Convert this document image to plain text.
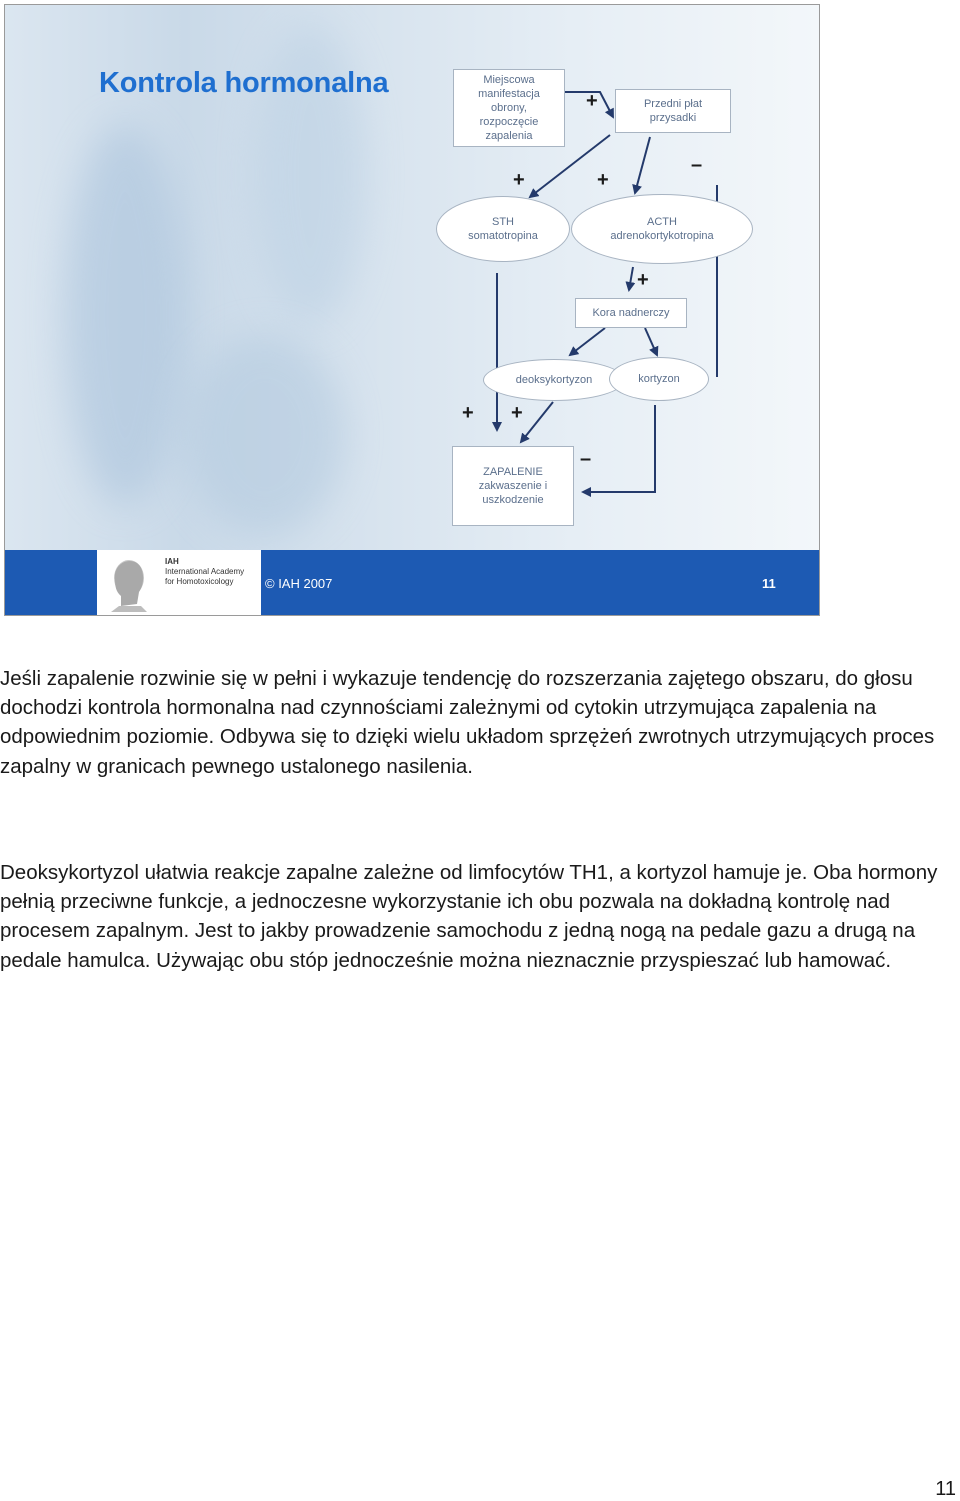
Kontrola hormonalna	Miejscowa
manifestacja
obrony,
rozpoczęcie
zapalenia
Przedni płat
przysadki
STH
somatotropina
ACTH
adrenokortykotropina
Kora nadnerczy
deoksykortyzon	kortyzon
ZAPALENIE
zakwaszenie i
uszkodzenie
+
+	+
–
+
+ +
–
IAH
International Academy
for Homotoxicology	© IAH 2007	11

Jeśli zapalenie rozwinie się w pełni i wykazuje tendencję do rozszerzania zajętego obszaru, do głosu dochodzi kontrola hormonalna nad czynnościami zależnymi od cytokin utrzymująca zapalenia na odpowiednim poziomie. Odbywa się to dzięki wielu układom sprzężeń zwrotnych utrzymujących proces zapalny w granicach pewnego ustalonego nasilenia.

Deoksykortyzol ułatwia reakcje zapalne zależne od limfocytów TH1, a kortyzol hamuje je. Oba hormony pełnią przeciwne funkcje, a jednoczesne wykorzystanie ich obu pozwala na dokładną kontrolę nad procesem zapalnym. Jest to jakby prowadzenie samochodu z jedną nogą na pedale gazu a drugą na pedale hamulca. Używając obu stóp jednocześnie można nieznacznie przyspieszać lub hamować.

11
